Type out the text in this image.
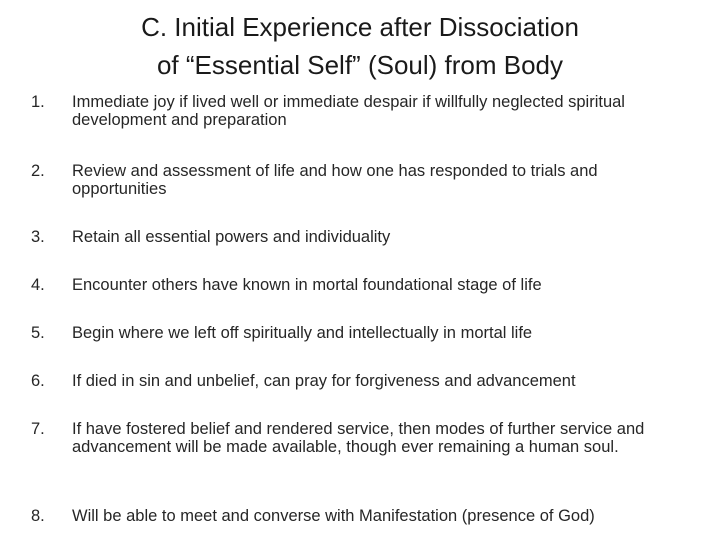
C. Initial Experience after Dissociation
of “Essential Self” (Soul) from Body
1. Immediate joy if lived well or immediate despair if willfully neglected spiritual development and preparation
2. Review and assessment of life and how one has responded to trials and opportunities
3. Retain all essential powers and individuality
4. Encounter others have known in mortal foundational stage of life
5. Begin where we left off spiritually and intellectually in mortal life
6. If died in sin and unbelief, can pray for forgiveness and advancement
7. If have fostered belief and rendered service, then modes of further service and advancement will be made available, though ever remaining a human soul.
8. Will be able to meet and converse with Manifestation (presence of God)
